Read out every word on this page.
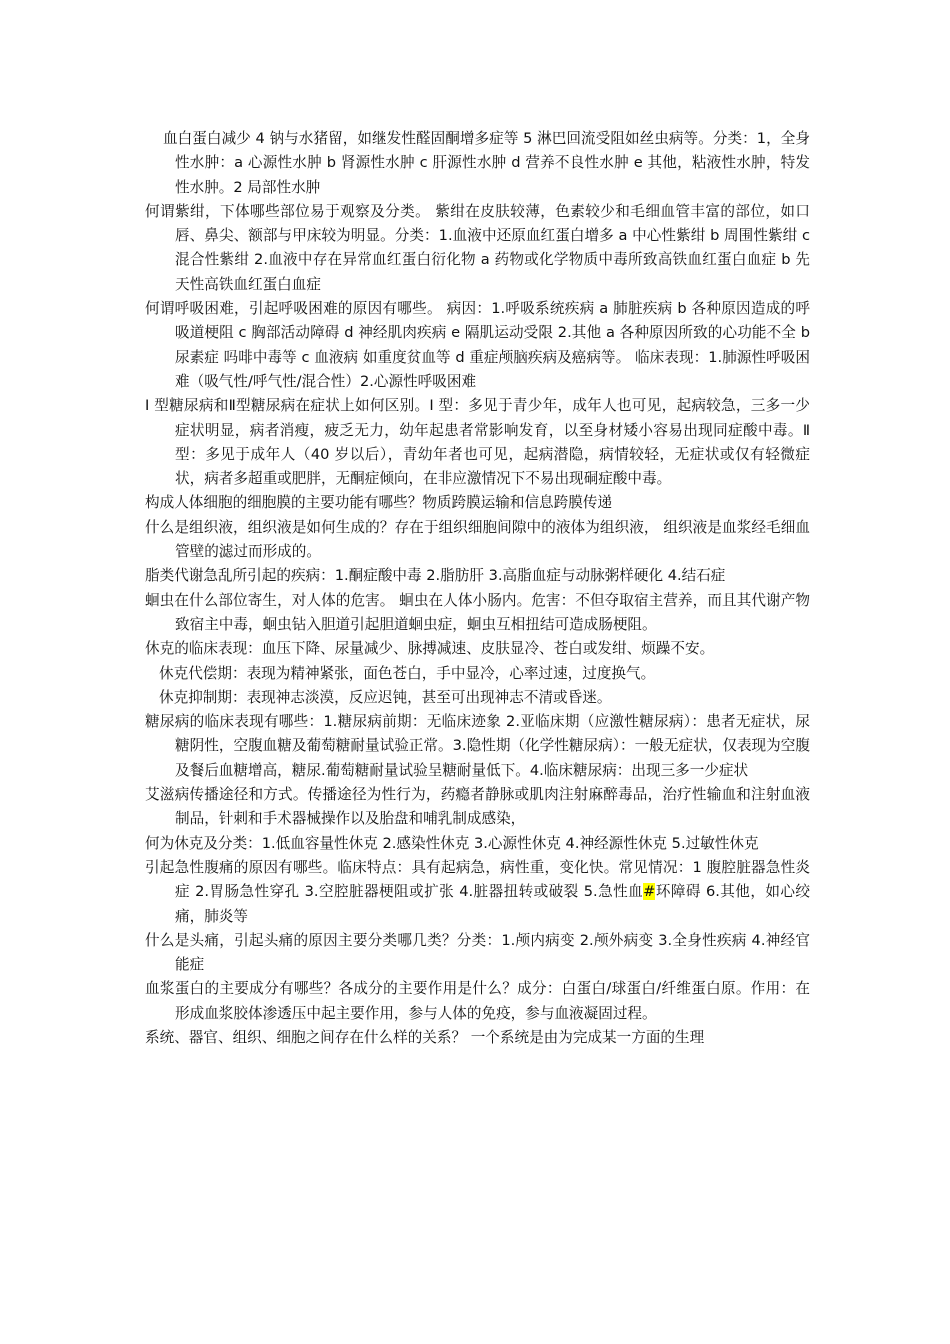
血白蛋白减少 4 钠与水猪留，如继发性醛固酮增多症等 5 淋巴回流受阻如丝虫病等。分类：1，全身性水肿：a 心源性水肿 b 肾源性水肿 c 肝源性水肿 d 营养不良性水肿 e 其他，粘液性水肿，特发性水肿。2 局部性水肿

何谓紫绀，下体哪些部位易于观察及分类。 紫绀在皮肤较薄，色素较少和毛细血管丰富的部位，如口唇、鼻尖、额部与甲床较为明显。分类：1.血液中还原血红蛋白增多 a 中心性紫绀 b 周围性紫绀 c 混合性紫绀 2.血液中存在异常血红蛋白衍化物 a 药物或化学物质中毒所致高铁血红蛋白血症 b 先天性高铁血红蛋白血症

何谓呼吸困难，引起呼吸困难的原因有哪些。 病因：1.呼吸系统疾病 a 肺脏疾病 b 各种原因造成的呼吸道梗阻 c 胸部活动障碍 d 神经肌肉疾病 e 隔肌运动受限 2.其他 a 各种原因所致的心功能不全 b 尿素症 吗啡中毒等 c 血液病 如重度贫血等 d 重症颅脑疾病及癌病等。 临床表现：1.肺源性呼吸困难（吸气性/呼气性/混合性）2.心源性呼吸困难

I 型糖尿病和Ⅱ型糖尿病在症状上如何区别。I 型：多见于青少年，成年人也可见，起病较急，三多一少症状明显，病者消瘦，疲乏无力，幼年起患者常影响发育，以至身材矮小容易出现同症酸中毒。Ⅱ型：多见于成年人（40 岁以后），青幼年者也可见，起病潜隐，病情较轻，无症状或仅有轻微症状，病者多超重或肥胖，无酮症倾向，在非应激情况下不易出现硐症酸中毒。

构成人体细胞的细胞膜的主要功能有哪些？物质跨膜运输和信息跨膜传递

什么是组织液，组织液是如何生成的？存在于组织细胞间隙中的液体为组织液， 组织液是血浆经毛细血管壁的滤过而形成的。

脂类代谢急乱所引起的疾病：1.酮症酸中毒 2.脂肪肝 3.高脂血症与动脉粥样硬化 4.结石症

蛔虫在什么部位寄生，对人体的危害。 蛔虫在人体小肠内。危害：不但夺取宿主营养，而且其代谢产物致宿主中毒，蛔虫钻入胆道引起胆道蛔虫症，蛔虫互相扭结可造成肠梗阻。

休克的临床表现：血压下降、尿量减少、脉搏减速、皮肤显冷、苍白或发绀、烦躁不安。

休克代偿期：表现为精神紧张，面色苍白，手中显冷，心率过速，过度换气。

休克抑制期：表现神志淡漠，反应迟钝，甚至可出现神志不清或昏迷。

糖尿病的临床表现有哪些：1.糖尿病前期：无临床迹象 2.亚临床期（应激性糖尿病）：患者无症状，尿糖阴性，空腹血糖及葡萄糖耐量试验正常。3.隐性期（化学性糖尿病）：一般无症状，仅表现为空腹及餐后血糖增高，糖尿.葡萄糖耐量试验呈糖耐量低下。4.临床糖尿病：出现三多一少症状

艾滋病传播途径和方式。传播途径为性行为，药瘾者静脉或肌肉注射麻醉毒品，治疗性输血和注射血液制品，针刺和手术器械操作以及胎盘和哺乳制成感染，

何为休克及分类：1.低血容量性休克 2.感染性休克 3.心源性休克 4.神经源性休克 5.过敏性休克

引起急性腹痛的原因有哪些。临床特点：具有起病急，病性重，变化快。常见情况：1 腹腔脏器急性炎症 2.胃肠急性穿孔 3.空腔脏器梗阻或扩张 4.脏器扭转或破裂 5.急性血#环障碍 6.其他，如心绞痛，肺炎等

什么是头痛，引起头痛的原因主要分类哪几类？分类：1.颅内病变 2.颅外病变 3.全身性疾病 4.神经官能症

血浆蛋白的主要成分有哪些？各成分的主要作用是什么？成分：白蛋白/球蛋白/纤维蛋白原。作用：在形成血浆胶体渗透压中起主要作用，参与人体的免疫，参与血液凝固过程。

系统、器官、组织、细胞之间存在什么样的关系？ 一个系统是由为完成某一方面的生理
